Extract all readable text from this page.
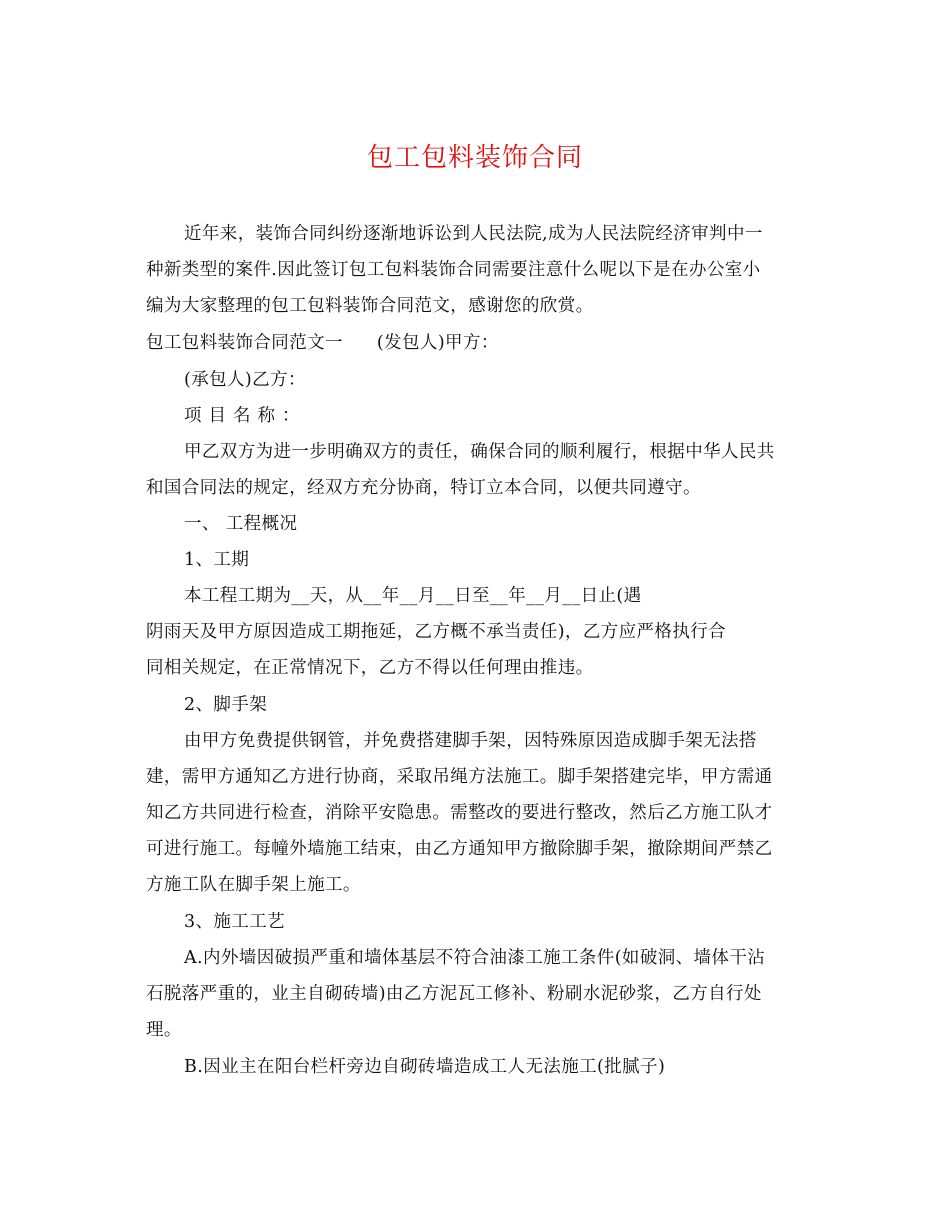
包工包料装饰合同
近年来，装饰合同纠纷逐渐地诉讼到人民法院,成为人民法院经济审判中一
种新类型的案件.因此签订包工包料装饰合同需要注意什么呢以下是在办公室小
编为大家整理的包工包料装饰合同范文，感谢您的欣赏。
包工包料装饰合同范文一 (发包人)甲方：
(承包人)乙方：
项目名称：
甲乙双方为进一步明确双方的责任，确保合同的顺利履行，根据中华人民共
和国合同法的规定，经双方充分协商，特订立本合同，以便共同遵守。
一、 工程概况
1、工期
本工程工期为__天，从__年__月__日至__年__月__日止(遇
阴雨天及甲方原因造成工期拖延，乙方概不承当责任)，乙方应严格执行合
同相关规定，在正常情况下，乙方不得以任何理由推违。
2、脚手架
由甲方免费提供钢管，并免费搭建脚手架，因特殊原因造成脚手架无法搭
建，需甲方通知乙方进行协商，采取吊绳方法施工。脚手架搭建完毕，甲方需通
知乙方共同进行检查，消除平安隐患。需整改的要进行整改，然后乙方施工队才
可进行施工。每幢外墙施工结束，由乙方通知甲方撤除脚手架，撤除期间严禁乙
方施工队在脚手架上施工。
3、施工工艺
A.内外墙因破损严重和墙体基层不符合油漆工施工条件(如破洞、墙体干沾
石脱落严重的，业主自砌砖墙)由乙方泥瓦工修补、粉刷水泥砂浆，乙方自行处
理。
B.因业主在阳台栏杆旁边自砌砖墙造成工人无法施工(批腻子)
